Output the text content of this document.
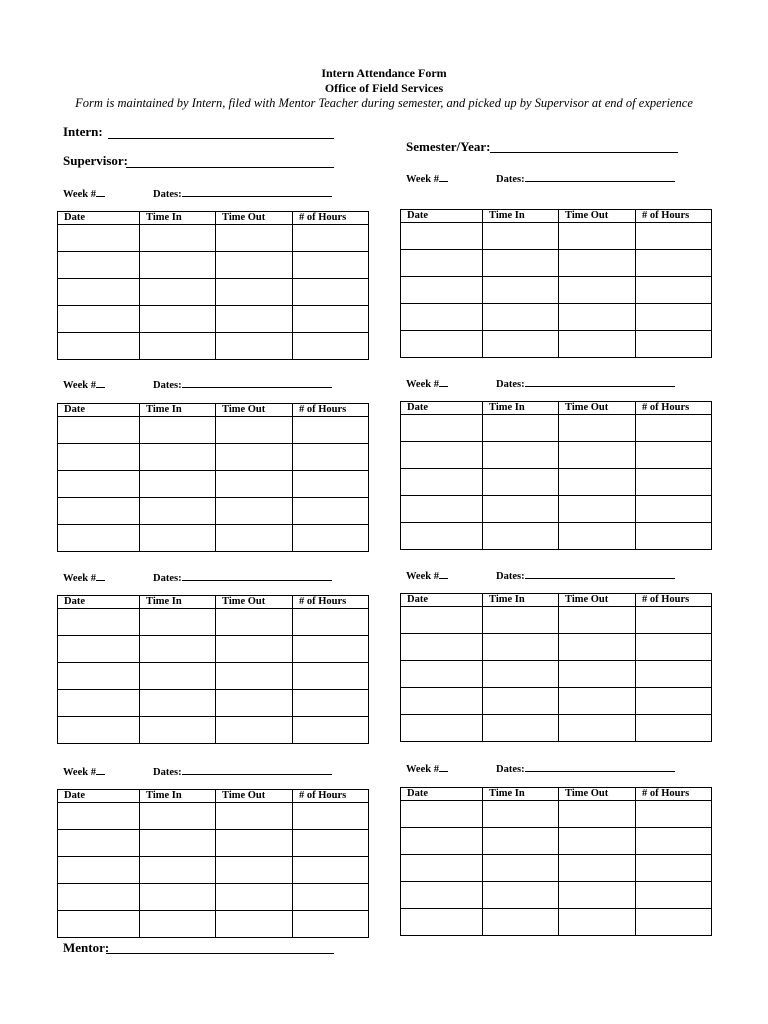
Intern Attendance Form
Office of Field Services
Form is maintained by Intern, filed with Mentor Teacher during semester, and picked up by Supervisor at end of experience
Intern:
Supervisor:
Semester/Year:
Mentor:
Week #	Dates:
Date	Time In	Time Out	# of Hours

Week #	Dates:
Date	Time In	Time Out	# of Hours

Week #	Dates:
Date	Time In	Time Out	# of Hours

Week #	Dates:
Date	Time In	Time Out	# of Hours

Week #	Dates:
Date	Time In	Time Out	# of Hours

Week #	Dates:
Date	Time In	Time Out	# of Hours

Week #	Dates:
Date	Time In	Time Out	# of Hours

Week #	Dates:
Date	Time In	Time Out	# of Hours
